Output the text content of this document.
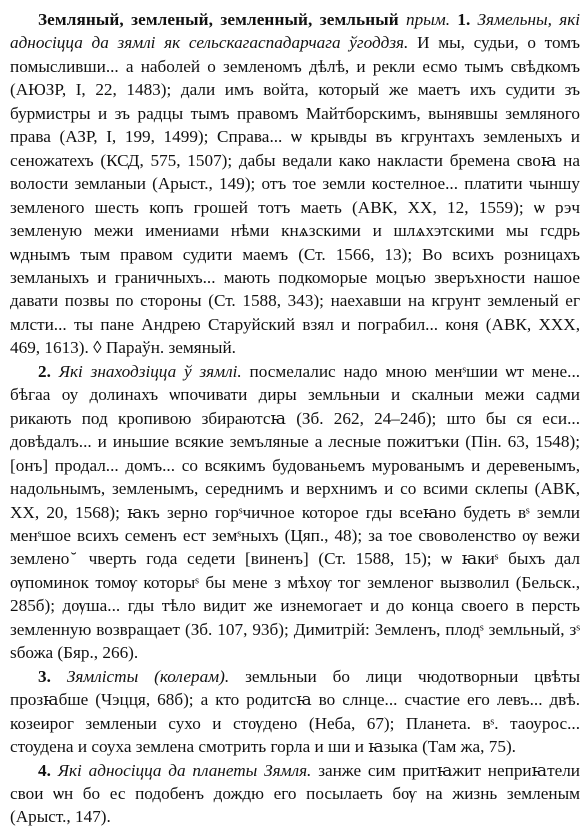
Земляный, землeный, земленный, земльный прым. 1. Зямельны, які адносіцца да зямлі як сельскагаспадарчага ўгоддзя. И мы, судьи, о томъ помысливши... а наболей о земленомъ дѣлѣ, и рекли есмо тымъ свѣдкомъ (АЮЗР, I, 22, 1483); дали имъ войта, который же маетъ ихъ судити зъ бурмистры и зъ радцы тымъ правомъ Майтборскимъ, вынявшы земляного права (АЗР, I, 199, 1499); Справа... ѡ крывды въ кгрунтахъ земленыхъ и сеножатехъ (КСД, 575, 1507); дабы ведали како накласти бремена своꙗ на волости земланыи (Арыст., 149); отъ тое земли костелное... платити чыншу земленого шесть копъ грошей тотъ маеть (АВК, XX, 12, 1559); ѡ рэч земленую межи имениами нѣми кнѧзскими и шлѧхэтскими мы гсдрь ѡднымъ тым правом судити маемъ (Ст. 1566, 13); Во всихъ розницахъ земланыхъ и граничныхъ... мають подкоморые моцъю зверъхности нашое давати позвы по стороны (Ст. 1588, 343); наехавши на кгрунт земленый ег млсти... ты пане Андрею Старуйский взял и пограбил... коня (АВК, XXX, 469, 1613). ◊ Параўн. земяный.

2. Які знаходзіцца ў зямлі. посмелалис надо мною менˢшии ѡт мене... бѣгаа оу долинахъ ѡпочивати диры земльныи и скалныи межи садми рикають под кропивою збираютсꙗ (Зб. 262, 24–24б); што бы ся еси... довѣдалъ... и иньшие всякие земъляные а лесные пожитъки (Пін. 63, 1548); [онъ] продал... домъ... со всякимъ будованьемъ мурованымъ и деревенымъ, надольнымъ, земленымъ, середнимъ и верхнимъ и со всими склепы (АВК, XX, 20, 1568); ꙗкъ зерно горˢчичное которое гды всеꙗно будеть вˢ земли менˢшое всихъ семенъ ест земˢныхъ (Цяп., 48); за тое своволенство ѹ вежи землено ̆ чверть года седети [виненъ] (Ст. 1588, 15); ѡ ꙗкиˢ быхъ дал ѹпоминок томѹ которыˢ бы мене з мѣхѹ тог земленог вызволил (Бельск., 285б); дѹша... гды тѣло видит же изнемогает и до конца своего в персть земленную возвращает (Зб. 107, 93б); Димитрiй: Земленъ, плодˢ земльный, зˢ ѕбожа (Бяр., 266).

3. Зямлісты (колерам). земльныи бо лици чюдотворныи цвѣты прозꙗбше (Чэцця, 68б); а кто родитсꙗ во слнце... счастие его левъ... двѣ. козеирог земленыи сухо и стѹдено (Неба, 67); Планета. вˢ. таоурос... стоудена и соуха землена смотрить горла и ши и ꙗзыка (Там жа, 75).

4. Які адносіцца да планеты Зямля. занже сим притꙗжит неприꙗтели свои ѡн бо ес подобенъ дождю его посылаеть бѹ на жизнь земленым (Арыст., 147).
